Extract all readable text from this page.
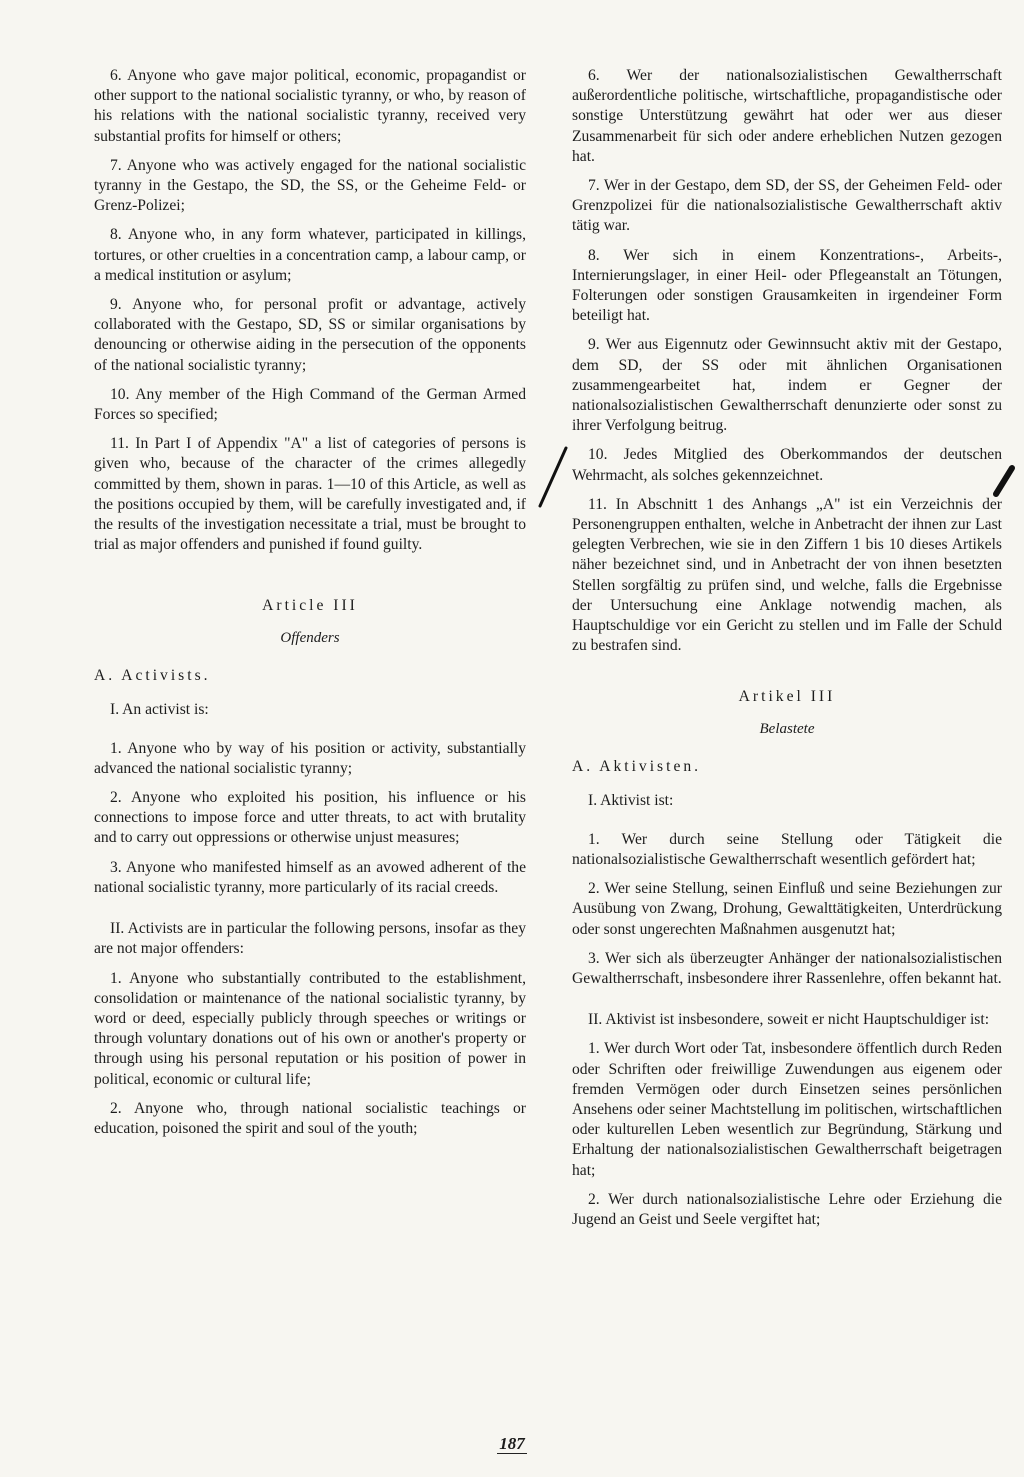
6. Anyone who gave major political, economic, propagandist or other support to the national socialistic tyranny, or who, by reason of his relations with the national socialistic tyranny, received very substantial profits for himself or others;

7. Anyone who was actively engaged for the national socialistic tyranny in the Gestapo, the SD, the SS, or the Geheime Feld- or Grenz-Polizei;

8. Anyone who, in any form whatever, participated in killings, tortures, or other cruelties in a concentration camp, a labour camp, or a medical institution or asylum;

9. Anyone who, for personal profit or advantage, actively collaborated with the Gestapo, SD, SS or similar organisations by denouncing or otherwise aiding in the persecution of the opponents of the national socialistic tyranny;

10. Any member of the High Command of the German Armed Forces so specified;

11. In Part I of Appendix "A" a list of categories of persons is given who, because of the character of the crimes allegedly committed by them, shown in paras. 1—10 of this Article, as well as the positions occupied by them, will be carefully investigated and, if the results of the investigation necessitate a trial, must be brought to trial as major offenders and punished if found guilty.

Article III

Offenders

A. Activists.

I. An activist is:

1. Anyone who by way of his position or activity, substantially advanced the national socialistic tyranny;

2. Anyone who exploited his position, his influence or his connections to impose force and utter threats, to act with brutality and to carry out oppressions or otherwise unjust measures;

3. Anyone who manifested himself as an avowed adherent of the national socialistic tyranny, more particularly of its racial creeds.

II. Activists are in particular the following persons, insofar as they are not major offenders:

1. Anyone who substantially contributed to the establishment, consolidation or maintenance of the national socialistic tyranny, by word or deed, especially publicly through speeches or writings or through voluntary donations out of his own or another's property or through using his personal reputation or his position of power in political, economic or cultural life;

2. Anyone who, through national socialistic teachings or education, poisoned the spirit and soul of the youth;

6. Wer der nationalsozialistischen Gewaltherrschaft außerordentliche politische, wirtschaftliche, propagandistische oder sonstige Unterstützung gewährt hat oder wer aus dieser Zusammenarbeit für sich oder andere erheblichen Nutzen gezogen hat.

7. Wer in der Gestapo, dem SD, der SS, der Geheimen Feld- oder Grenzpolizei für die nationalsozialistische Gewaltherrschaft aktiv tätig war.

8. Wer sich in einem Konzentrations-, Arbeits-, Internierungslager, in einer Heil- oder Pflegeanstalt an Tötungen, Folterungen oder sonstigen Grausamkeiten in irgendeiner Form beteiligt hat.

9. Wer aus Eigennutz oder Gewinnsucht aktiv mit der Gestapo, dem SD, der SS oder mit ähnlichen Organisationen zusammengearbeitet hat, indem er Gegner der nationalsozialistischen Gewaltherrschaft denunzierte oder sonst zu ihrer Verfolgung beitrug.

10. Jedes Mitglied des Oberkommandos der deutschen Wehrmacht, als solches gekennzeichnet.

11. In Abschnitt 1 des Anhangs „A" ist ein Verzeichnis der Personengruppen enthalten, welche in Anbetracht der ihnen zur Last gelegten Verbrechen, wie sie in den Ziffern 1 bis 10 dieses Artikels näher bezeichnet sind, und in Anbetracht der von ihnen besetzten Stellen sorgfältig zu prüfen sind, und welche, falls die Ergebnisse der Untersuchung eine Anklage notwendig machen, als Hauptschuldige vor ein Gericht zu stellen und im Falle der Schuld zu bestrafen sind.

Artikel III

Belastete

A. Aktivisten.

I. Aktivist ist:

1. Wer durch seine Stellung oder Tätigkeit die nationalsozialistische Gewaltherrschaft wesentlich gefördert hat;

2. Wer seine Stellung, seinen Einfluß und seine Beziehungen zur Ausübung von Zwang, Drohung, Gewalttätigkeiten, Unterdrückung oder sonst ungerechten Maßnahmen ausgenutzt hat;

3. Wer sich als überzeugter Anhänger der nationalsozialistischen Gewaltherrschaft, insbesondere ihrer Rassenlehre, offen bekannt hat.

II. Aktivist ist insbesondere, soweit er nicht Hauptschuldiger ist:

1. Wer durch Wort oder Tat, insbesondere öffentlich durch Reden oder Schriften oder freiwillige Zuwendungen aus eigenem oder fremden Vermögen oder durch Einsetzen seines persönlichen Ansehens oder seiner Machtstellung im politischen, wirtschaftlichen oder kulturellen Leben wesentlich zur Begründung, Stärkung und Erhaltung der nationalsozialistischen Gewaltherrschaft beigetragen hat;

2. Wer durch nationalsozialistische Lehre oder Erziehung die Jugend an Geist und Seele vergiftet hat;

187
